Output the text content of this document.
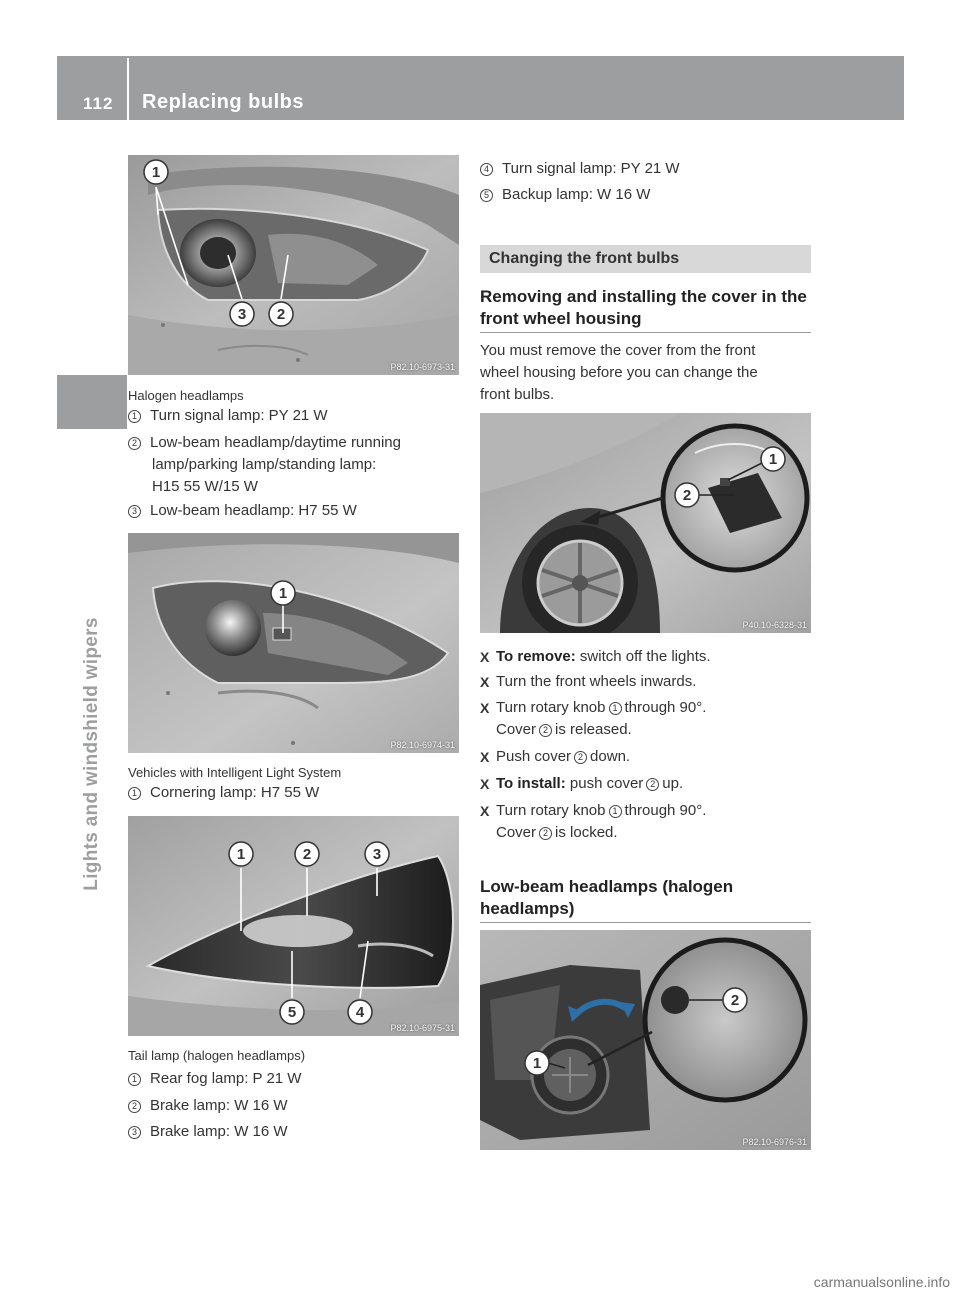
112 Replacing bulbs
Lights and windshield wipers
1
3 2
P82.10-6973-31
Halogen headlamps
1 Turn signal lamp: PY 21 W
2 Low-beam headlamp/daytime running
lamp/parking lamp/standing lamp:
H15 55 W/15 W
3 Low-beam headlamp: H7 55 W
1
P82.10-6974-31
Vehicles with Intelligent Light System
1 Cornering lamp: H7 55 W
1	2	3
5	4
P82.10-6975-31
Tail lamp (halogen headlamps)
1 Rear fog lamp: P 21 W
2 Brake lamp: W 16 W
3 Brake lamp: W 16 W
4 Turn signal lamp: PY 21 W
5 Backup lamp: W 16 W
Changing the front bulbs
Removing and installing the cover in the
front wheel housing
You must remove the cover from the front
wheel housing before you can change the
front bulbs.
1
2
P40.10-6328-31
X To remove: switch off the lights.
X Turn the front wheels inwards.
X Turn rotary knob 1 through 90°.
Cover 2 is released.
X Push cover 2 down.
X To install: push cover 2 up.
X Turn rotary knob 1 through 90°.
Cover 2 is locked.
Low-beam headlamps (halogen
headlamps)
2
1
P82.10-6976-31
carmanualsonline.info
